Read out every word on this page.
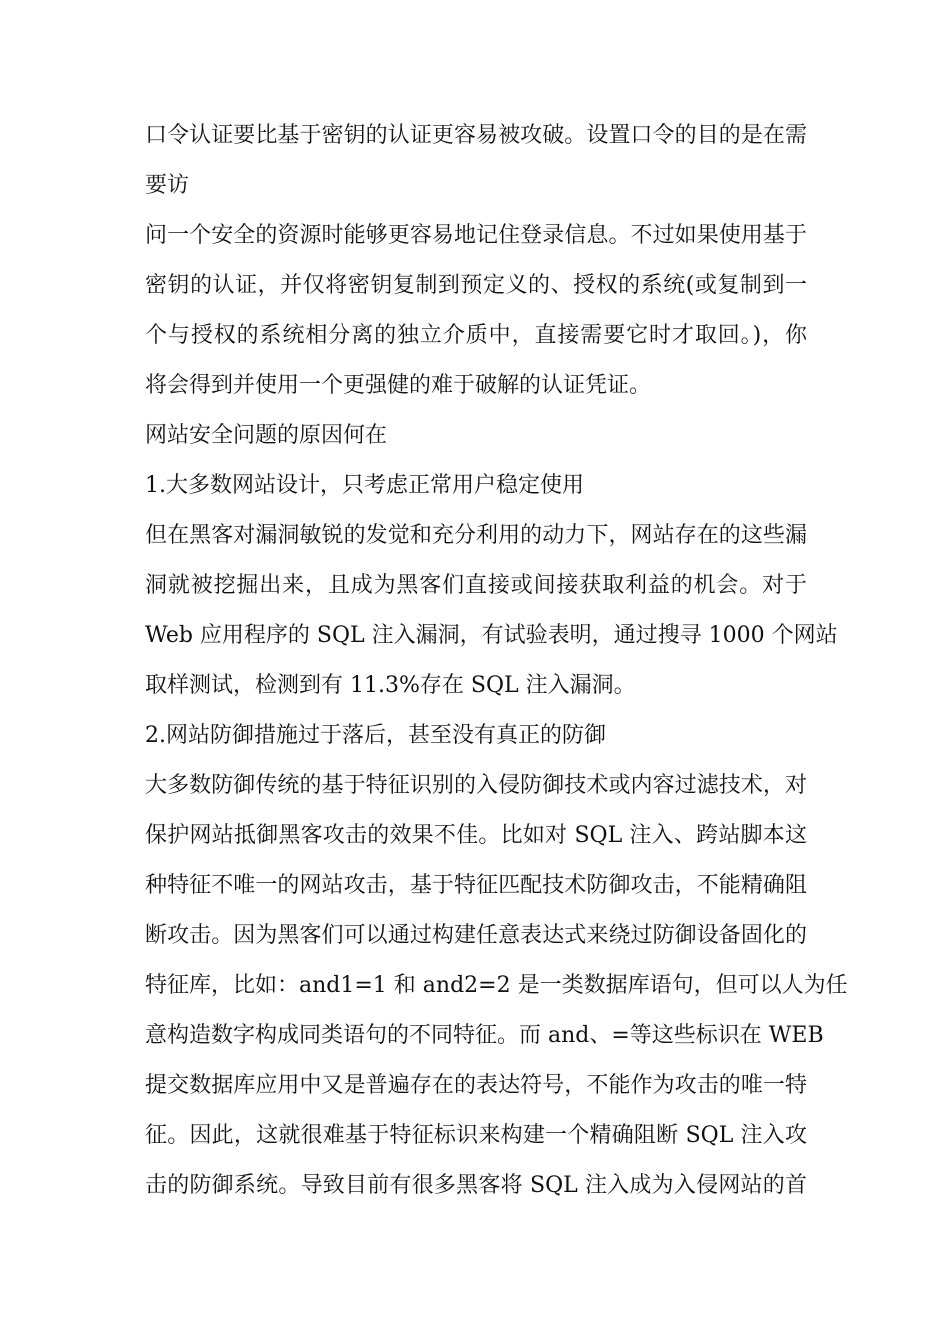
口令认证要比基于密钥的认证更容易被攻破。设置口令的目的是在需
要访
问一个安全的资源时能够更容易地记住登录信息。不过如果使用基于
密钥的认证，并仅将密钥复制到预定义的、授权的系统(或复制到一
个与授权的系统相分离的独立介质中，直接需要它时才取回。)，你
将会得到并使用一个更强健的难于破解的认证凭证。
网站安全问题的原因何在
1.大多数网站设计，只考虑正常用户稳定使用
但在黑客对漏洞敏锐的发觉和充分利用的动力下，网站存在的这些漏
洞就被挖掘出来，且成为黑客们直接或间接获取利益的机会。对于
Web 应用程序的 SQL 注入漏洞，有试验表明，通过搜寻 1000 个网站
取样测试，检测到有 11.3%存在 SQL 注入漏洞。
2.网站防御措施过于落后，甚至没有真正的防御
大多数防御传统的基于特征识别的入侵防御技术或内容过滤技术，对
保护网站抵御黑客攻击的效果不佳。比如对 SQL 注入、跨站脚本这
种特征不唯一的网站攻击，基于特征匹配技术防御攻击，不能精确阻
断攻击。因为黑客们可以通过构建任意表达式来绕过防御设备固化的
特征库，比如：and1=1 和 and2=2 是一类数据库语句，但可以人为任
意构造数字构成同类语句的不同特征。而 and、=等这些标识在 WEB
提交数据库应用中又是普遍存在的表达符号，不能作为攻击的唯一特
征。因此，这就很难基于特征标识来构建一个精确阻断 SQL 注入攻
击的防御系统。导致目前有很多黑客将 SQL 注入成为入侵网站的首
